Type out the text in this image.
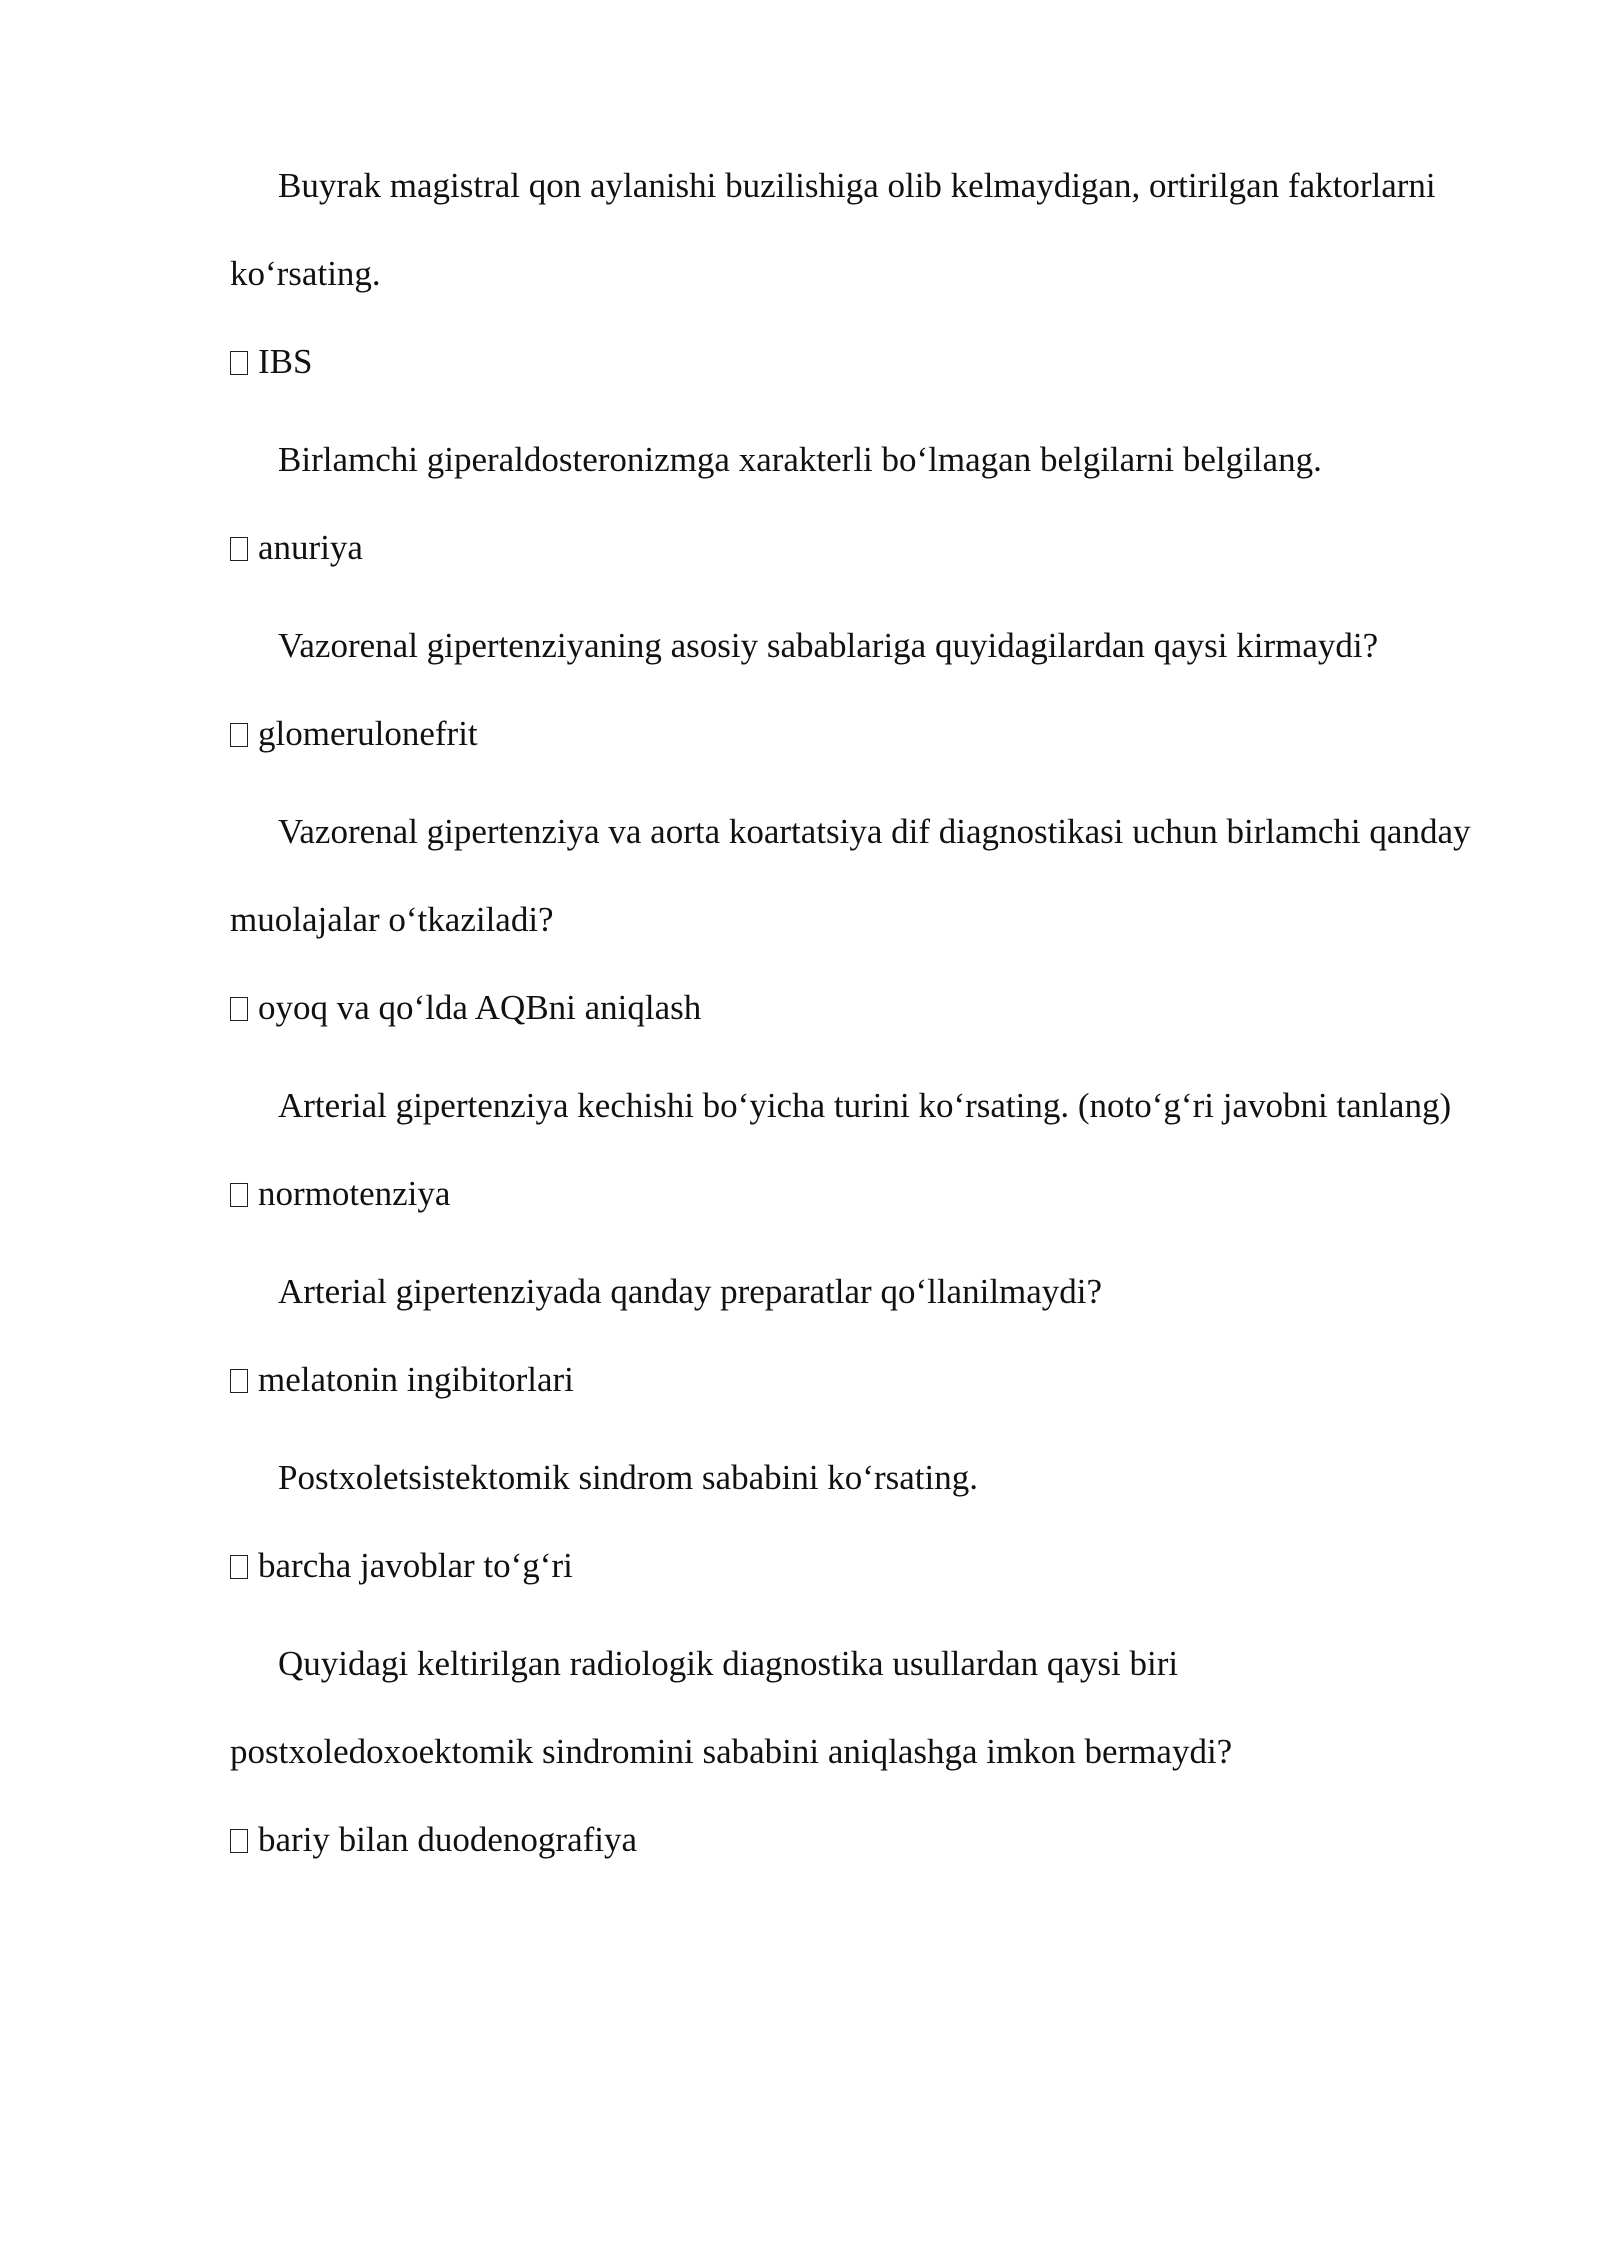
Buyrak magistral qon aylanishi buzilishiga olib kelmaydigan, ortirilgan faktorlarni ko‘rsating.

IBS

Birlamchi giperaldosteronizmga xarakterli bo‘lmagan belgilarni belgilang.

anuriya

Vazorenal gipertenziyaning asosiy sabablariga quyidagilardan qaysi kirmaydi?

glomerulonefrit

Vazorenal gipertenziya va aorta koartatsiya dif diagnostikasi uchun birlamchi qanday muolajalar o‘tkaziladi?

oyoq va qo‘lda AQBni aniqlash

Arterial gipertenziya kechishi bo‘yicha turini ko‘rsating. (noto‘g‘ri javobni tanlang)

normotenziya

Arterial gipertenziyada qanday preparatlar qo‘llanilmaydi?

melatonin ingibitorlari

Postxoletsistektomik sindrom sababini ko‘rsating.

barcha javoblar to‘g‘ri

Quyidagi keltirilgan radiologik diagnostika usullardan qaysi biri postxoledoxoektomik sindromini sababini aniqlashga imkon bermaydi?

bariy bilan duodenografiya
